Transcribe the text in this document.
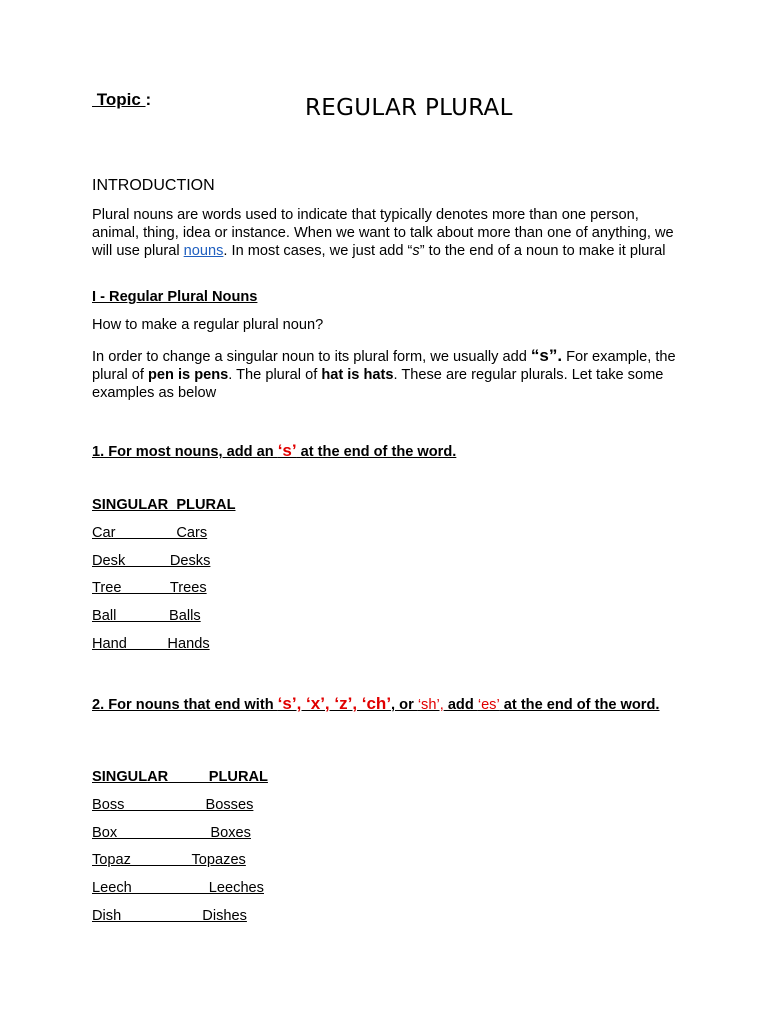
Topic :	REGULAR PLURAL
INTRODUCTION
Plural nouns are words used to indicate that typically denotes more than one person, animal, thing, idea or instance. When we want to talk about more than one of anything, we will use plural nouns. In most cases, we just add “s” to the end of a noun to make it plural
I - Regular Plural Nouns
How to make a regular plural noun?
In order to change a singular noun to its plural form, we usually add “s”. For example, the plural of pen is pens. The plural of hat is hats. These are regular plurals. Let take some examples as below
1. For most nouns, add an ‘s’ at the end of the word.
SINGULAR  PLURAL
Car               Cars
Desk           Desks
Tree            Trees
Ball             Balls
Hand          Hands
2. For nouns that end with ‘s’, ‘x’, ‘z’, ‘ch’, or ‘sh’, add ‘es’ at the end of the word.
SINGULAR          PLURAL
Boss                    Bosses
Box                       Boxes
Topaz               Topazes
Leech                   Leeches
Dish                    Dishes
